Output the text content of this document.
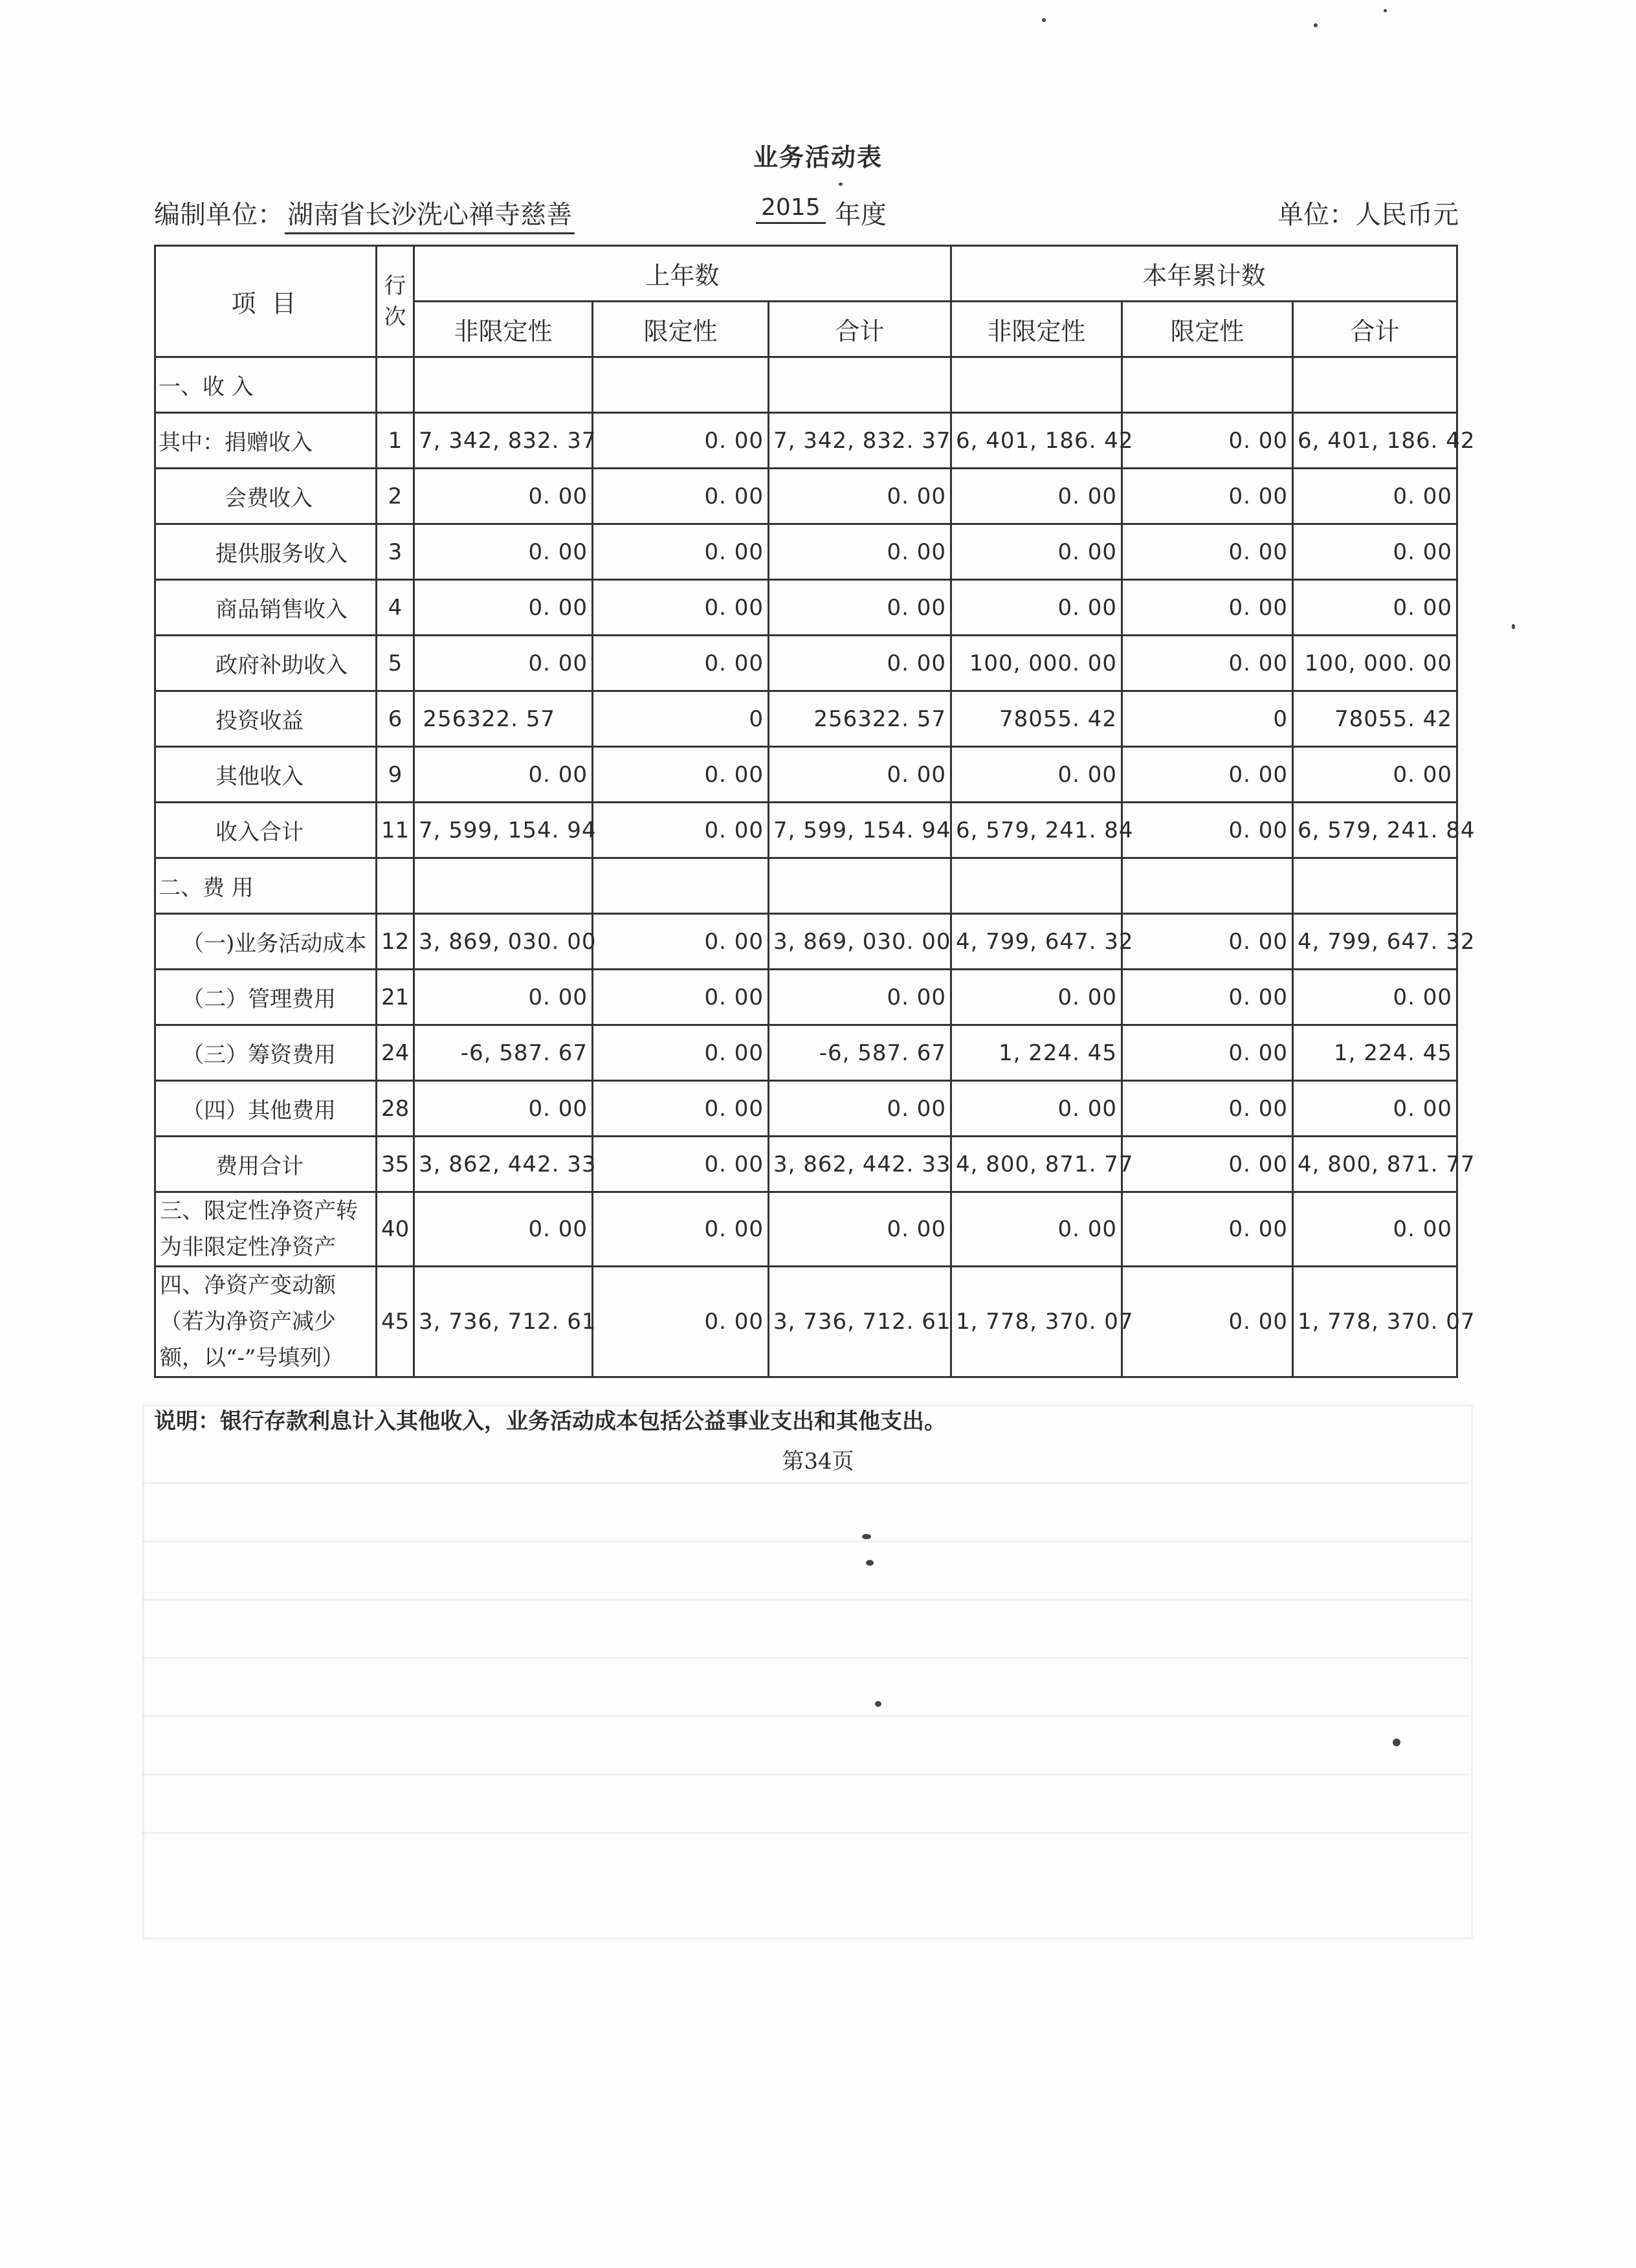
业务活动表
编制单位： 湖南省长沙洗心禅寺慈善	2015 年度	单位：人民币元
项 目	行次	上年数			本年累计数		
		非限定性	限定性	合计	非限定性	限定性	合计
一、收 入							
其中：捐赠收入	1	7, 342, 832. 37	0. 00	7, 342, 832. 37	6, 401, 186. 42	0. 00	6, 401, 186. 42
会费收入	2	0. 00	0. 00	0. 00	0. 00	0. 00	0. 00
提供服务收入	3	0. 00	0. 00	0. 00	0. 00	0. 00	0. 00
商品销售收入	4	0. 00	0. 00	0. 00	0. 00	0. 00	0. 00
政府补助收入	5	0. 00	0. 00	0. 00	100, 000. 00	0. 00	100, 000. 00
投资收益	6	256322. 57	0	256322. 57	78055. 42	0	78055. 42
其他收入	9	0. 00	0. 00	0. 00	0. 00	0. 00	0. 00
收入合计	11	7, 599, 154. 94	0. 00	7, 599, 154. 94	6, 579, 241. 84	0. 00	6, 579, 241. 84
二、费 用							
（一)业务活动成本	12	3, 869, 030. 00	0. 00	3, 869, 030. 00	4, 799, 647. 32	0. 00	4, 799, 647. 32
（二）管理费用	21	0. 00	0. 00	0. 00	0. 00	0. 00	0. 00
（三）筹资费用	24	-6, 587. 67	0. 00	-6, 587. 67	1, 224. 45	0. 00	1, 224. 45
（四）其他费用	28	0. 00	0. 00	0. 00	0. 00	0. 00	0. 00
费用合计	35	3, 862, 442. 33	0. 00	3, 862, 442. 33	4, 800, 871. 77	0. 00	4, 800, 871. 77
三、限定性净资产转为非限定性净资产	40	0. 00	0. 00	0. 00	0. 00	0. 00	0. 00
四、净资产变动额（若为净资产减少额，以“-”号填列）	45	3, 736, 712. 61	0. 00	3, 736, 712. 61	1, 778, 370. 07	0. 00	1, 778, 370. 07
说明：银行存款利息计入其他收入，业务活动成本包括公益事业支出和其他支出。
第34页
